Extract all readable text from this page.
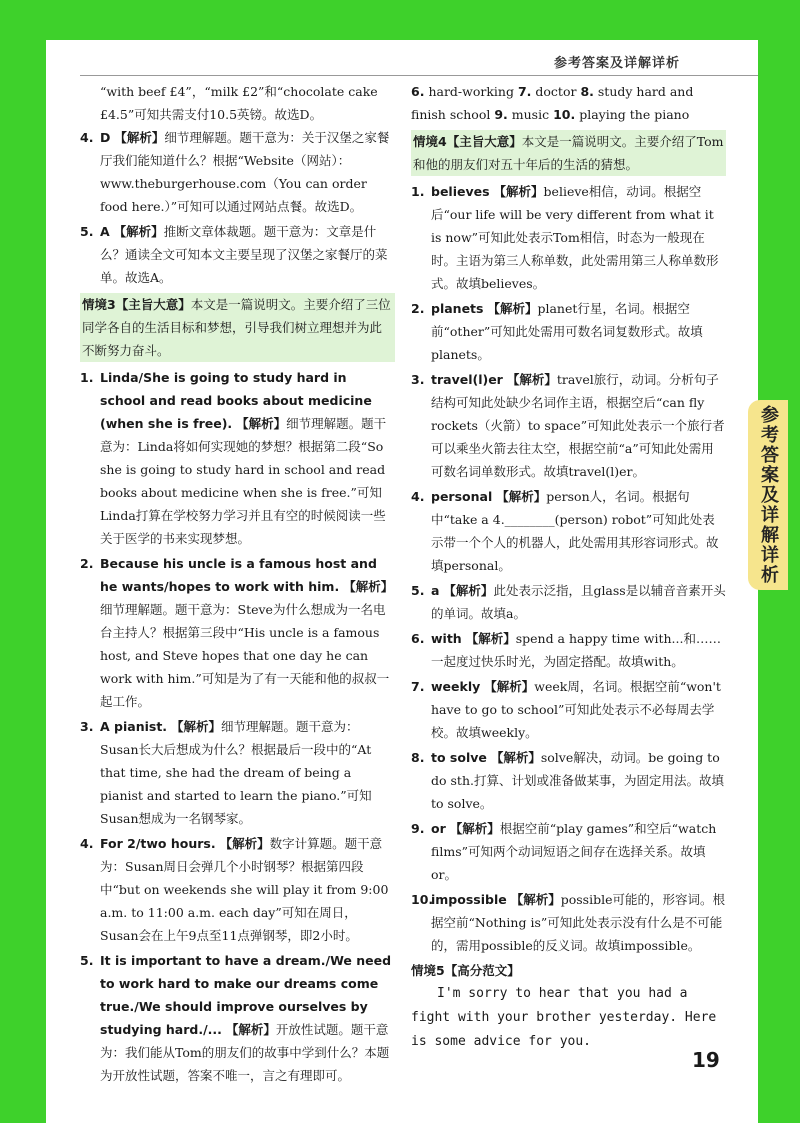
参考答案及详解详析
“with beef £4”，“milk £2”和“chocolate cake £4.5”可知共需支付10.5英镑。故选D。
4. D 【解析】细节理解题。题干意为：关于汉堡之家餐厅我们能知道什么？根据“Website（网站）：www.theburgerhouse.com（You can order food here.）”可知可以通过网站点餐。故选D。
5. A 【解析】推断文章体裁题。题干意为：文章是什么？通读全文可知本文主要呈现了汉堡之家餐厅的菜单。故选A。
情境3【主旨大意】本文是一篇说明文。主要介绍了三位同学各自的生活目标和梦想，引导我们树立理想并为此不断努力奋斗。
1. Linda/She is going to study hard in school and read books about medicine (when she is free). 【解析】细节理解题。题干意为：Linda将如何实现她的梦想？根据第二段“So she is going to study hard in school and read books about medicine when she is free.”可知Linda打算在学校努力学习并且有空的时候阅读一些关于医学的书来实现梦想。
2. Because his uncle is a famous host and he wants/hopes to work with him. 【解析】细节理解题。题干意为：Steve为什么想成为一名电台主持人？根据第三段中“His uncle is a famous host, and Steve hopes that one day he can work with him.”可知是为了有一天能和他的叔叔一起工作。
3. A pianist. 【解析】细节理解题。题干意为：Susan长大后想成为什么？根据最后一段中的“At that time, she had the dream of being a pianist and started to learn the piano.”可知Susan想成为一名钢琴家。
4. For 2/two hours. 【解析】数字计算题。题干意为：Susan周日会弹几个小时钢琴？根据第四段中“but on weekends she will play it from 9:00 a.m. to 11:00 a.m. each day”可知在周日，Susan会在上午9点至11点弹钢琴，即2小时。
5. It is important to have a dream./We need to work hard to make our dreams come true./We should improve ourselves by studying hard./... 【解析】开放性试题。题干意为：我们能从Tom的朋友们的故事中学到什么？本题为开放性试题，答案不唯一，言之有理即可。
6. hard-working 7. doctor 8. study hard and finish school 9. music 10. playing the piano
情境4【主旨大意】本文是一篇说明文。主要介绍了Tom和他的朋友们对五十年后的生活的猜想。
1. believes 【解析】believe相信，动词。根据空后“our life will be very different from what it is now”可知此处表示Tom相信，时态为一般现在时。主语为第三人称单数，此处需用第三人称单数形式。故填believes。
2. planets 【解析】planet行星，名词。根据空前“other”可知此处需用可数名词复数形式。故填planets。
3. travel(l)er 【解析】travel旅行，动词。分析句子结构可知此处缺少名词作主语，根据空后“can fly rockets（火箭）to space”可知此处表示一个旅行者可以乘坐火箭去往太空，根据空前“a”可知此处需用可数名词单数形式。故填travel(l)er。
4. personal 【解析】person人，名词。根据句中“take a 4.________(person) robot”可知此处表示带一个个人的机器人，此处需用其形容词形式。故填personal。
5. a 【解析】此处表示泛指，且glass是以辅音音素开头的单词。故填a。
6. with 【解析】spend a happy time with...和……一起度过快乐时光，为固定搭配。故填with。
7. weekly 【解析】week周，名词。根据空前“won't have to go to school”可知此处表示不必每周去学校。故填weekly。
8. to solve 【解析】solve解决，动词。be going to do sth.打算、计划或准备做某事，为固定用法。故填to solve。
9. or 【解析】根据空前“play games”和空后“watch films”可知两个动词短语之间存在选择关系。故填or。
10.
impossible 【解析】possible可能的，形容词。根据空前“Nothing is”可知此处表示没有什么是不可能的，需用possible的反义词。故填impossible。
情境5【高分范文】
I'm sorry to hear that you had a fight with your brother yesterday. Here is some advice for you.
参考答案及详解详析
19
